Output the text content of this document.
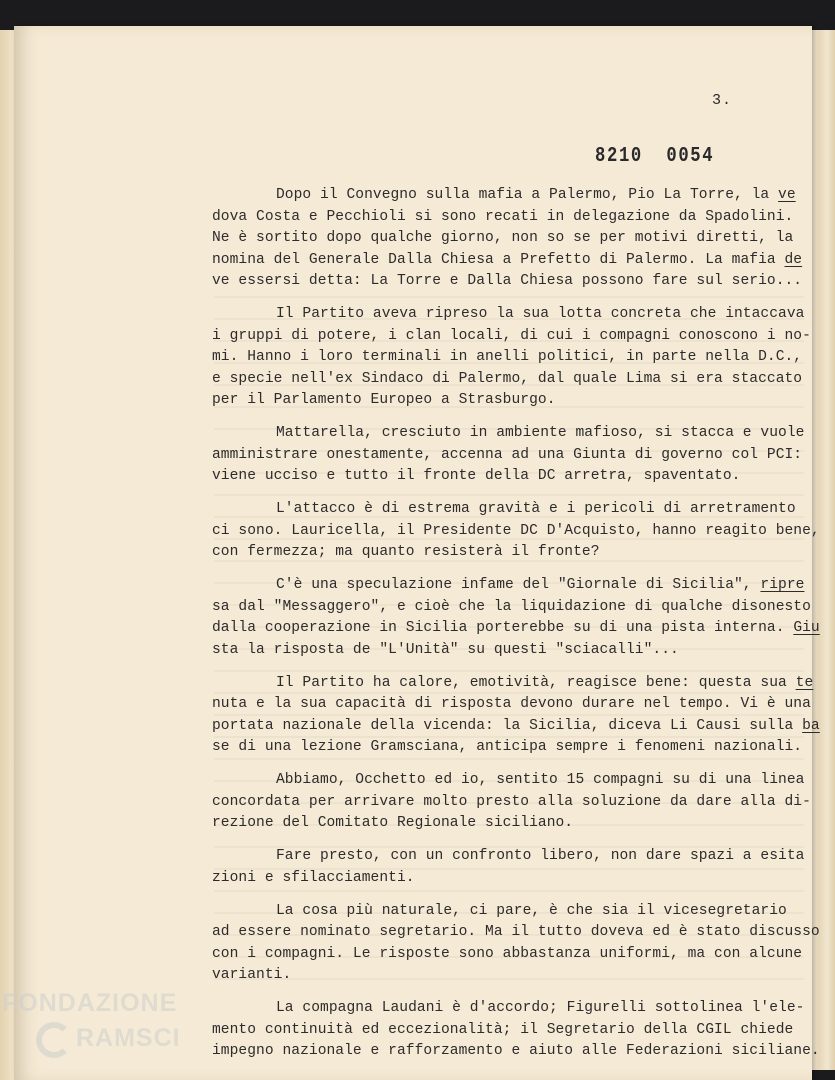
3.
8210 0054
Dopo il Convegno sulla mafia a Palermo, Pio La Torre, la ve
dova Costa e Pecchioli si sono recati in delegazione da Spadolini.
Ne è sortito dopo qualche giorno, non so se per motivi diretti, la
nomina del Generale Dalla Chiesa a Prefetto di Palermo. La mafia de
ve essersi detta: La Torre e Dalla Chiesa possono fare sul serio...
Il Partito aveva ripreso la sua lotta concreta che intaccava
i gruppi di potere, i clan locali, di cui i compagni conoscono i no-
mi. Hanno i loro terminali in anelli politici, in parte nella D.C.,
e specie nell'ex Sindaco di Palermo, dal quale Lima si era staccato
per il Parlamento Europeo a Strasburgo.
Mattarella, cresciuto in ambiente mafioso, si stacca e vuole
amministrare onestamente, accenna ad una Giunta di governo col PCI:
viene ucciso e tutto il fronte della DC arretra, spaventato.
L'attacco è di estrema gravità e i pericoli di arretramento
ci sono. Lauricella, il Presidente DC D'Acquisto, hanno reagito bene,
con fermezza; ma quanto resisterà il fronte?
C'è una speculazione infame del "Giornale di Sicilia", ripre
sa dal "Messaggero", e cioè che la liquidazione di qualche disonesto
dalla cooperazione in Sicilia porterebbe su di una pista interna. Giu
sta la risposta de "L'Unità" su questi "sciacalli"...
Il Partito ha calore, emotività, reagisce bene: questa sua te
nuta e la sua capacità di risposta devono durare nel tempo. Vi è una
portata nazionale della vicenda: la Sicilia, diceva Li Causi sulla ba
se di una lezione Gramsciana, anticipa sempre i fenomeni nazionali.
Abbiamo, Occhetto ed io, sentito 15 compagni su di una linea
concordata per arrivare molto presto alla soluzione da dare alla di-
rezione del Comitato Regionale siciliano.
Fare presto, con un confronto libero, non dare spazi a esita
zioni e sfilacciamenti.
La cosa più naturale, ci pare, è che sia il vicesegretario
ad essere nominato segretario. Ma il tutto doveva ed è stato discusso
con i compagni. Le risposte sono abbastanza uniformi, ma con alcune
varianti.
La compagna Laudani è d'accordo; Figurelli sottolinea l'ele-
mento continuità ed eccezionalità; il Segretario della CGIL chiede
impegno nazionale e rafforzamento e aiuto alle Federazioni siciliane.
FONDAZIONE
RAMSCI
